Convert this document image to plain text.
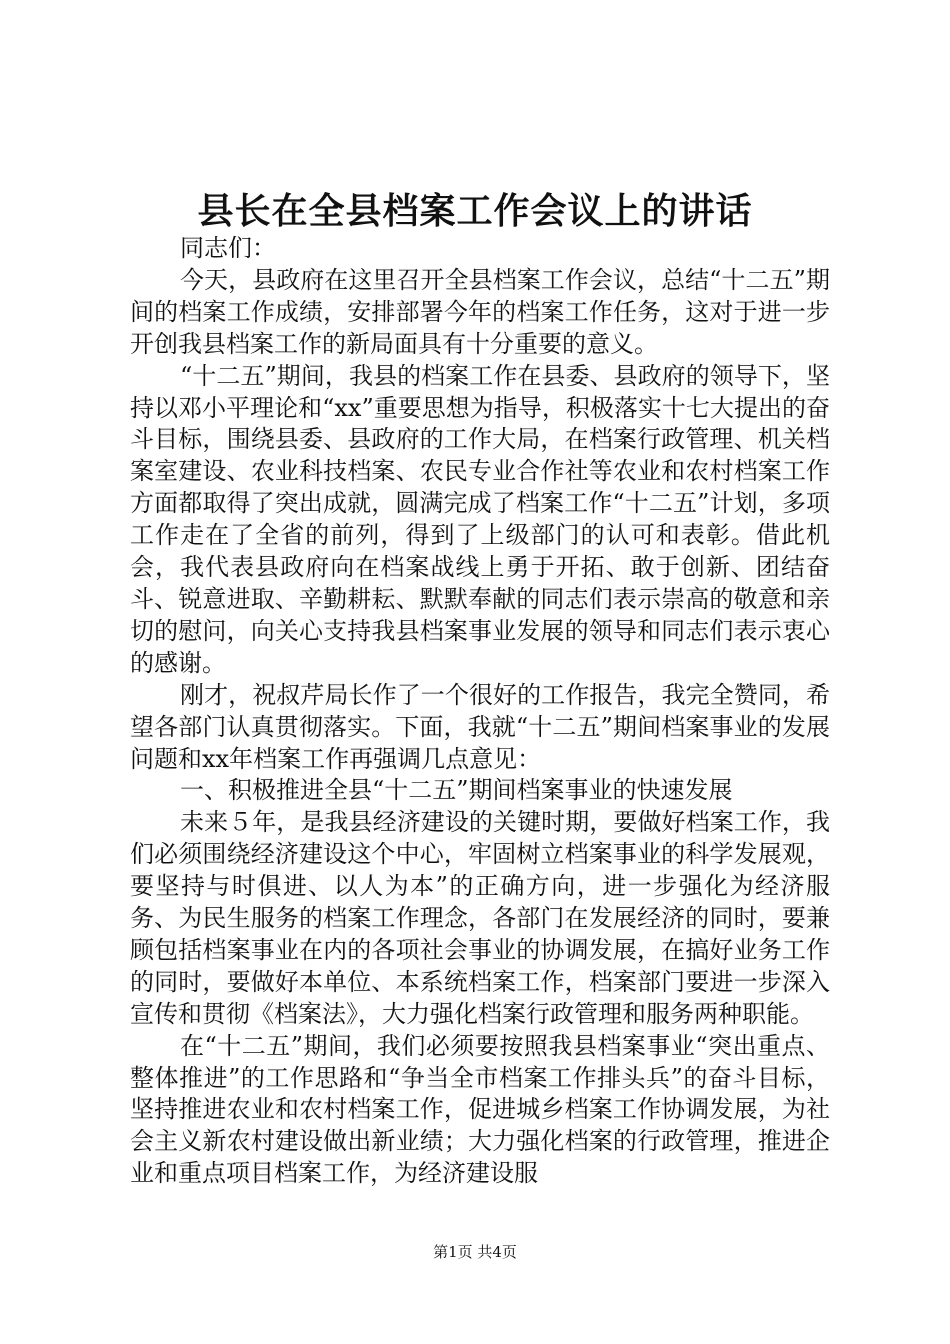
县长在全县档案工作会议上的讲话

同志们：

今天，县政府在这里召开全县档案工作会议，总结“十二五”期间的档案工作成绩，安排部署今年的档案工作任务，这对于进一步开创我县档案工作的新局面具有十分重要的意义。

“十二五”期间，我县的档案工作在县委、县政府的领导下，坚持以邓小平理论和“xx”重要思想为指导，积极落实十七大提出的奋斗目标，围绕县委、县政府的工作大局，在档案行政管理、机关档案室建设、农业科技档案、农民专业合作社等农业和农村档案工作方面都取得了突出成就，圆满完成了档案工作“十二五”计划，多项工作走在了全省的前列，得到了上级部门的认可和表彰。借此机会，我代表县政府向在档案战线上勇于开拓、敢于创新、团结奋斗、锐意进取、辛勤耕耘、默默奉献的同志们表示崇高的敬意和亲切的慰问，向关心支持我县档案事业发展的领导和同志们表示衷心的感谢。

刚才，祝叔芹局长作了一个很好的工作报告，我完全赞同，希望各部门认真贯彻落实。下面，我就“十二五”期间档案事业的发展问题和xx年档案工作再强调几点意见：

一、积极推进全县“十二五”期间档案事业的快速发展

未来５年，是我县经济建设的关键时期，要做好档案工作，我们必须围绕经济建设这个中心，牢固树立档案事业的科学发展观，要坚持与时俱进、以人为本”的正确方向，进一步强化为经济服务、为民生服务的档案工作理念，各部门在发展经济的同时，要兼顾包括档案事业在内的各项社会事业的协调发展，在搞好业务工作的同时，要做好本单位、本系统档案工作，档案部门要进一步深入宣传和贯彻《档案法》，大力强化档案行政管理和服务两种职能。

在“十二五”期间，我们必须要按照我县档案事业“突出重点、整体推进”的工作思路和“争当全市档案工作排头兵”的奋斗目标，坚持推进农业和农村档案工作，促进城乡档案工作协调发展，为社会主义新农村建设做出新业绩；大力强化档案的行政管理，推进企业和重点项目档案工作，为经济建设服

第1页 共4页
